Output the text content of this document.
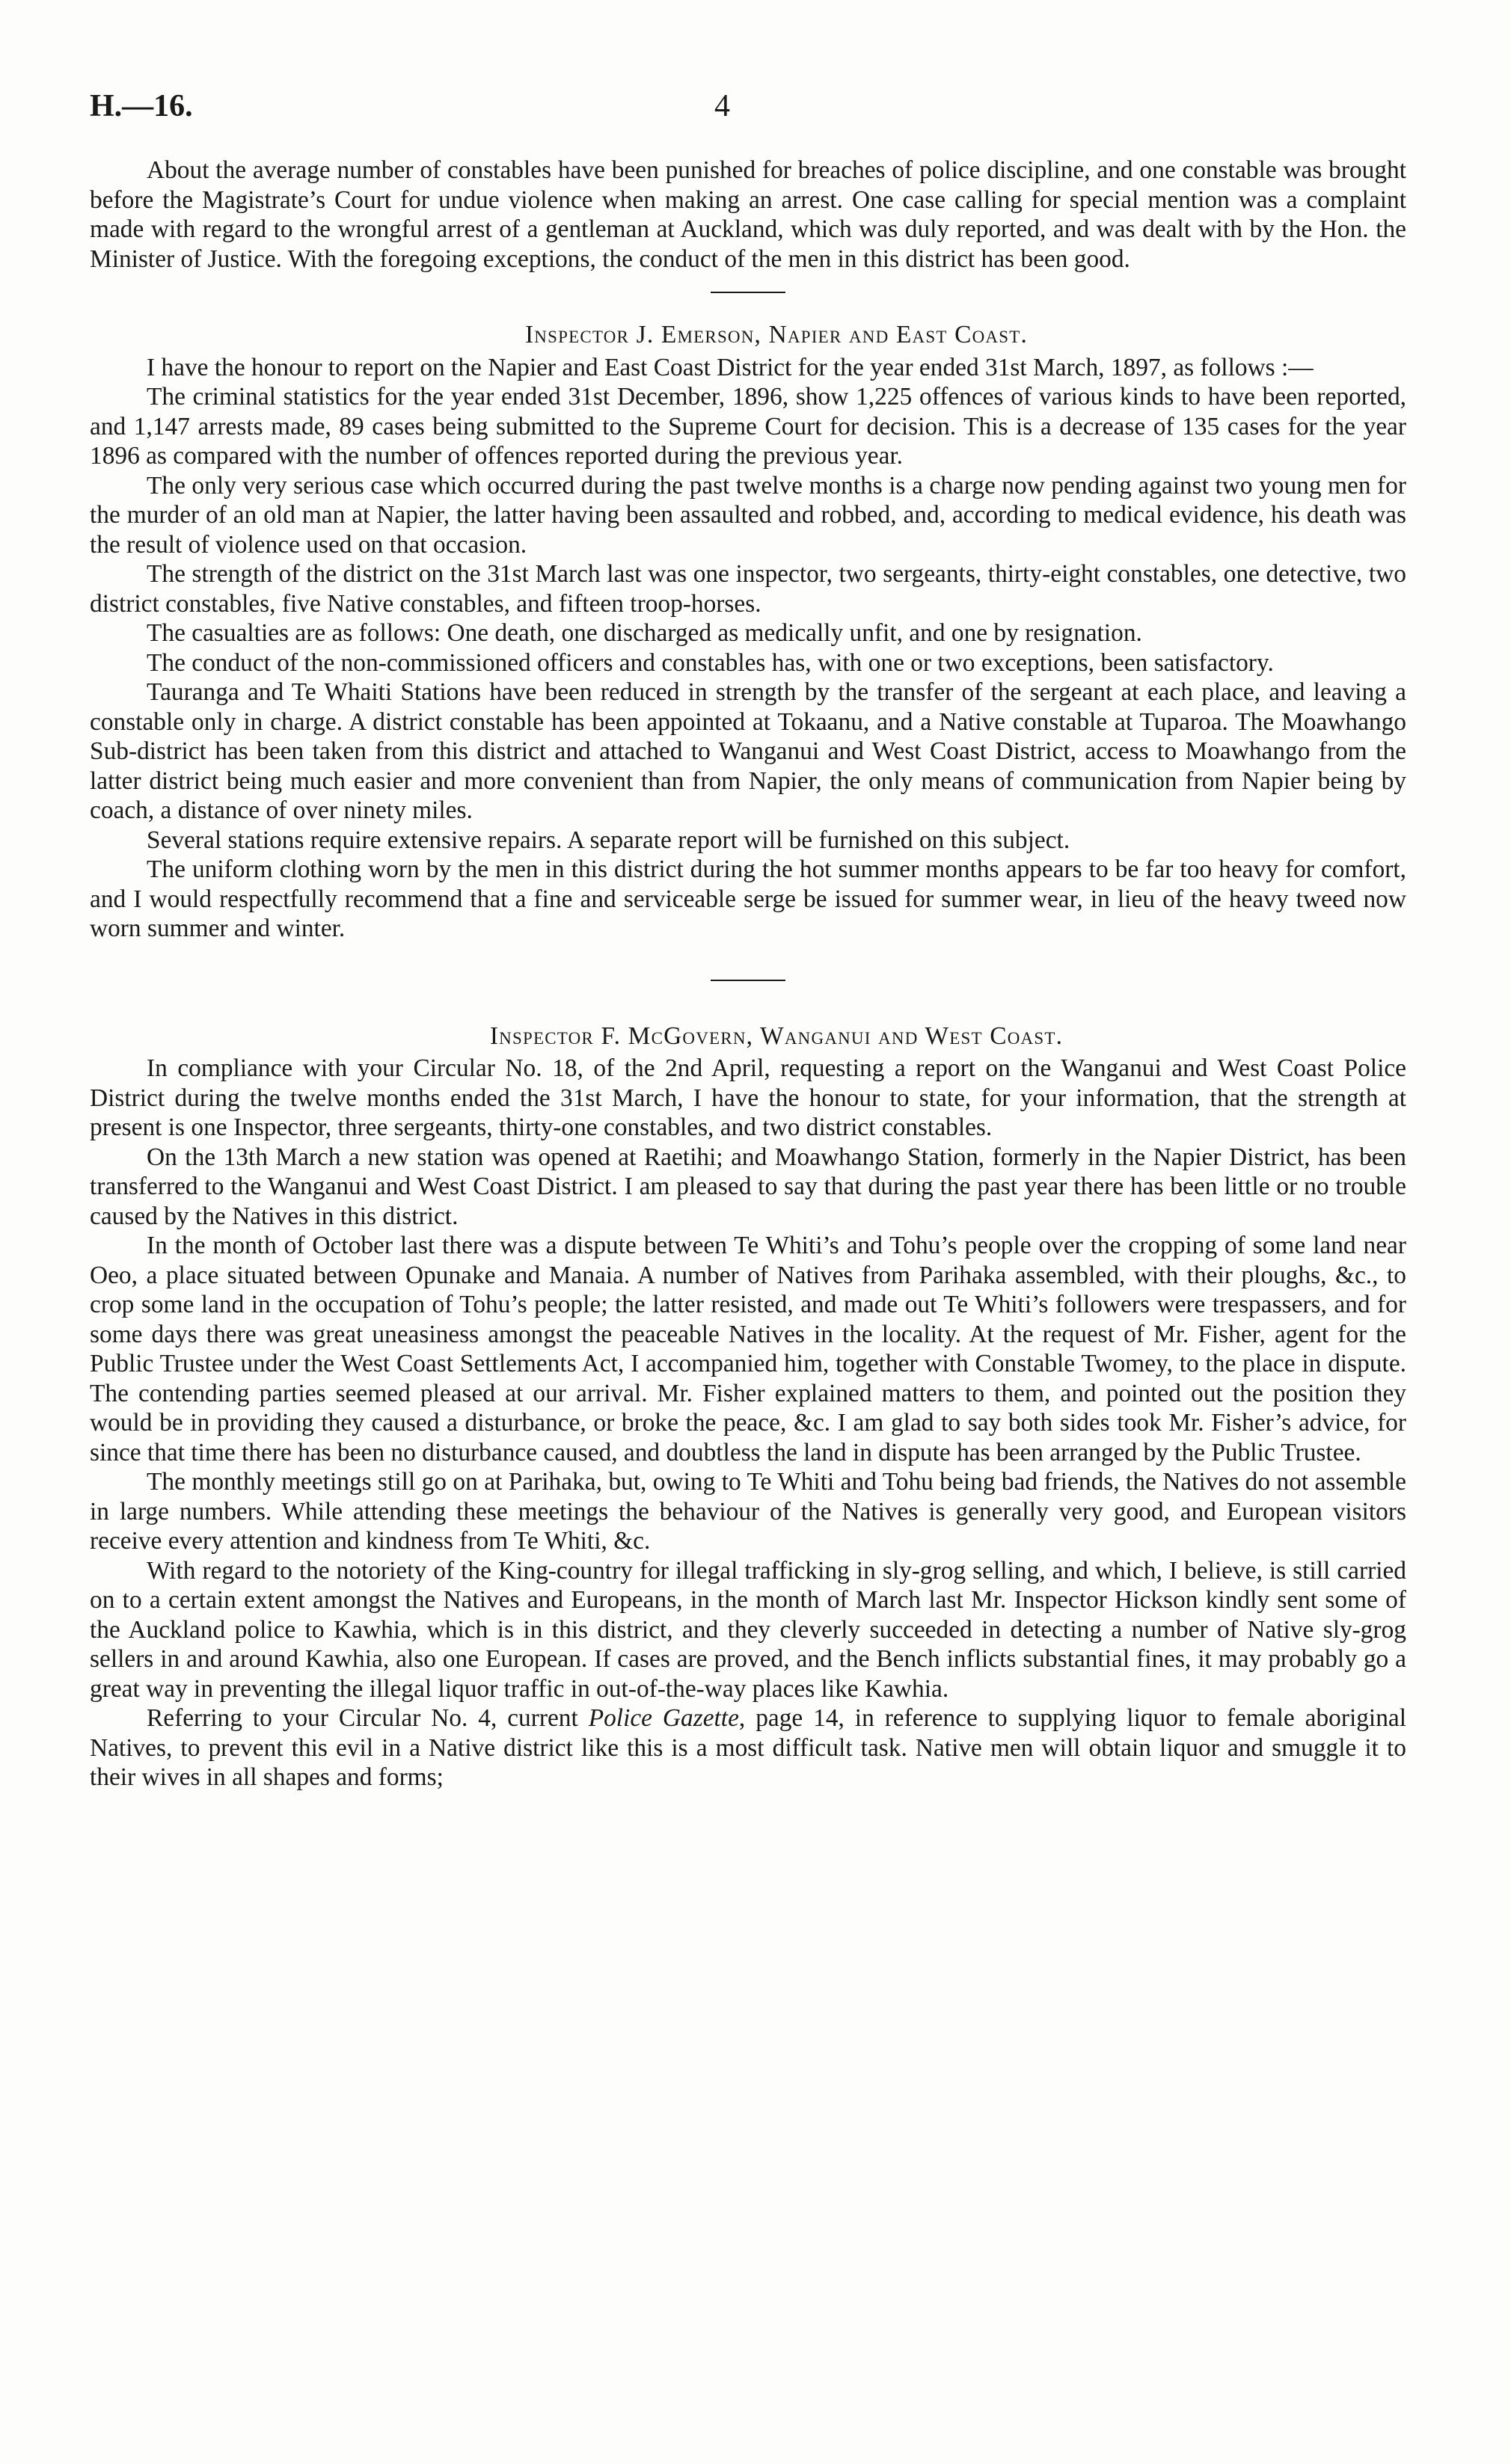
H.—16.	4

About the average number of constables have been punished for breaches of police discipline, and one constable was brought before the Magistrate’s Court for undue violence when making an arrest. One case calling for special mention was a complaint made with regard to the wrongful arrest of a gentleman at Auckland, which was duly reported, and was dealt with by the Hon. the Minister of Justice. With the foregoing exceptions, the conduct of the men in this district has been good.

Inspector J. Emerson, Napier and East Coast.

I have the honour to report on the Napier and East Coast District for the year ended 31st March, 1897, as follows :—

The criminal statistics for the year ended 31st December, 1896, show 1,225 offences of various kinds to have been reported, and 1,147 arrests made, 89 cases being submitted to the Supreme Court for decision. This is a decrease of 135 cases for the year 1896 as compared with the number of offences reported during the previous year.

The only very serious case which occurred during the past twelve months is a charge now pending against two young men for the murder of an old man at Napier, the latter having been assaulted and robbed, and, according to medical evidence, his death was the result of violence used on that occasion.

The strength of the district on the 31st March last was one inspector, two sergeants, thirty-eight constables, one detective, two district constables, five Native constables, and fifteen troop-horses.

The casualties are as follows: One death, one discharged as medically unfit, and one by resignation.

The conduct of the non-commissioned officers and constables has, with one or two exceptions, been satisfactory.

Tauranga and Te Whaiti Stations have been reduced in strength by the transfer of the sergeant at each place, and leaving a constable only in charge. A district constable has been appointed at Tokaanu, and a Native constable at Tuparoa. The Moawhango Sub-district has been taken from this district and attached to Wanganui and West Coast District, access to Moawhango from the latter district being much easier and more convenient than from Napier, the only means of communication from Napier being by coach, a distance of over ninety miles.

Several stations require extensive repairs. A separate report will be furnished on this subject.

The uniform clothing worn by the men in this district during the hot summer months appears to be far too heavy for comfort, and I would respectfully recommend that a fine and serviceable serge be issued for summer wear, in lieu of the heavy tweed now worn summer and winter.

Inspector F. McGovern, Wanganui and West Coast.

In compliance with your Circular No. 18, of the 2nd April, requesting a report on the Wanganui and West Coast Police District during the twelve months ended the 31st March, I have the honour to state, for your information, that the strength at present is one Inspector, three sergeants, thirty-one constables, and two district constables.

On the 13th March a new station was opened at Raetihi; and Moawhango Station, formerly in the Napier District, has been transferred to the Wanganui and West Coast District. I am pleased to say that during the past year there has been little or no trouble caused by the Natives in this district.

In the month of October last there was a dispute between Te Whiti’s and Tohu’s people over the cropping of some land near Oeo, a place situated between Opunake and Manaia. A number of Natives from Parihaka assembled, with their ploughs, &c., to crop some land in the occupation of Tohu’s people; the latter resisted, and made out Te Whiti’s followers were trespassers, and for some days there was great uneasiness amongst the peaceable Natives in the locality. At the request of Mr. Fisher, agent for the Public Trustee under the West Coast Settlements Act, I accompanied him, together with Constable Twomey, to the place in dispute. The contending parties seemed pleased at our arrival. Mr. Fisher explained matters to them, and pointed out the position they would be in providing they caused a disturbance, or broke the peace, &c. I am glad to say both sides took Mr. Fisher’s advice, for since that time there has been no disturbance caused, and doubtless the land in dispute has been arranged by the Public Trustee.

The monthly meetings still go on at Parihaka, but, owing to Te Whiti and Tohu being bad friends, the Natives do not assemble in large numbers. While attending these meetings the behaviour of the Natives is generally very good, and European visitors receive every attention and kindness from Te Whiti, &c.

With regard to the notoriety of the King-country for illegal trafficking in sly-grog selling, and which, I believe, is still carried on to a certain extent amongst the Natives and Europeans, in the month of March last Mr. Inspector Hickson kindly sent some of the Auckland police to Kawhia, which is in this district, and they cleverly succeeded in detecting a number of Native sly-grog sellers in and around Kawhia, also one European. If cases are proved, and the Bench inflicts substantial fines, it may probably go a great way in preventing the illegal liquor traffic in out-of-the-way places like Kawhia.

Referring to your Circular No. 4, current Police Gazette, page 14, in reference to supplying liquor to female aboriginal Natives, to prevent this evil in a Native district like this is a most difficult task. Native men will obtain liquor and smuggle it to their wives in all shapes and forms;
